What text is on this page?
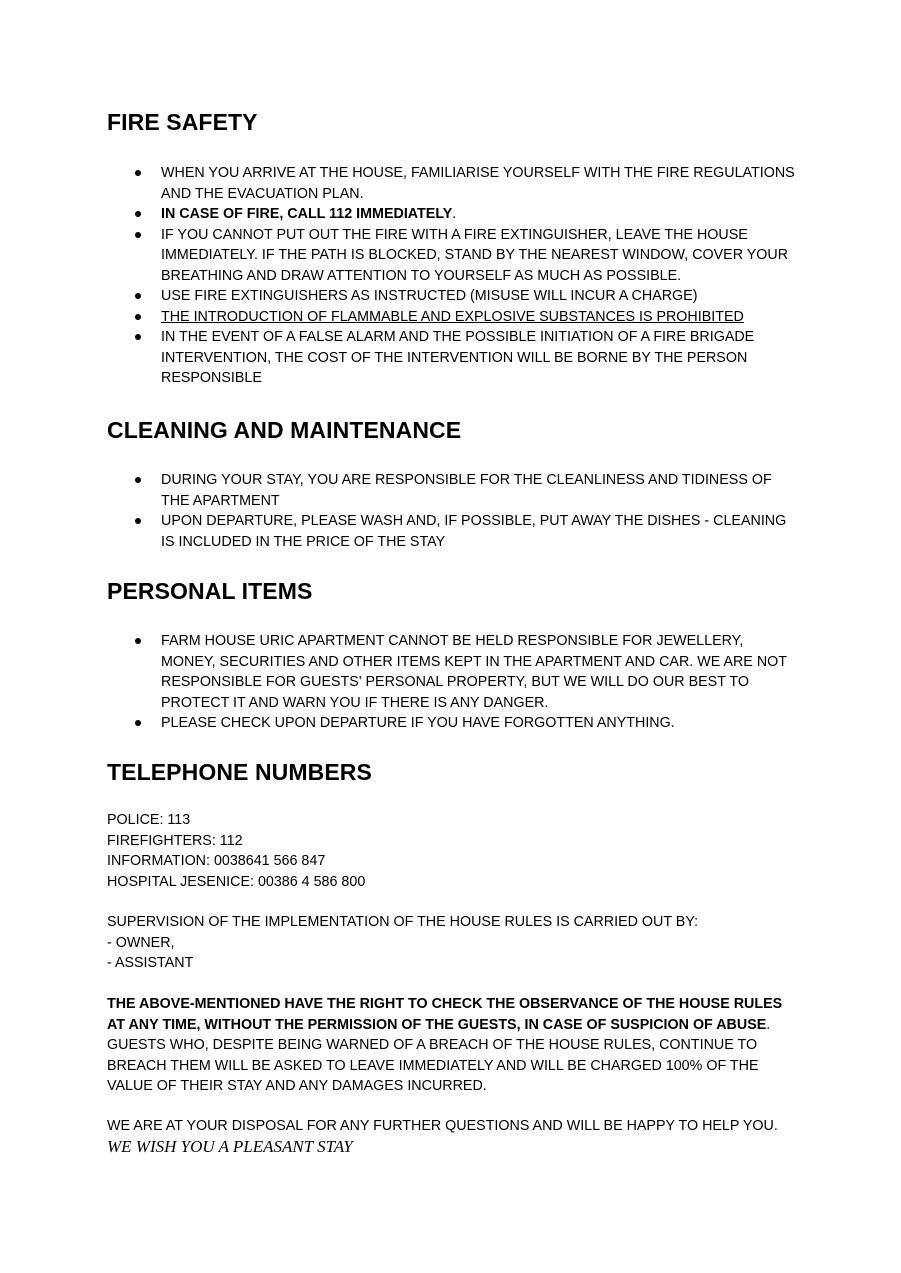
FIRE SAFETY
WHEN YOU ARRIVE AT THE HOUSE, FAMILIARISE YOURSELF WITH THE FIRE REGULATIONS AND THE EVACUATION PLAN.
IN CASE OF FIRE, CALL 112 IMMEDIATELY.
IF YOU CANNOT PUT OUT THE FIRE WITH A FIRE EXTINGUISHER, LEAVE THE HOUSE IMMEDIATELY. IF THE PATH IS BLOCKED, STAND BY THE NEAREST WINDOW, COVER YOUR BREATHING AND DRAW ATTENTION TO YOURSELF AS MUCH AS POSSIBLE.
USE FIRE EXTINGUISHERS AS INSTRUCTED (MISUSE WILL INCUR A CHARGE)
THE INTRODUCTION OF FLAMMABLE AND EXPLOSIVE SUBSTANCES IS PROHIBITED
IN THE EVENT OF A FALSE ALARM AND THE POSSIBLE INITIATION OF A FIRE BRIGADE INTERVENTION, THE COST OF THE INTERVENTION WILL BE BORNE BY THE PERSON RESPONSIBLE
CLEANING AND MAINTENANCE
DURING YOUR STAY, YOU ARE RESPONSIBLE FOR THE CLEANLINESS AND TIDINESS OF THE APARTMENT
UPON DEPARTURE, PLEASE WASH AND, IF POSSIBLE, PUT AWAY THE DISHES - CLEANING IS INCLUDED IN THE PRICE OF THE STAY
PERSONAL ITEMS
FARM HOUSE URIC APARTMENT CANNOT BE HELD RESPONSIBLE FOR JEWELLERY, MONEY, SECURITIES AND OTHER ITEMS KEPT IN THE APARTMENT AND CAR. WE ARE NOT RESPONSIBLE FOR GUESTS' PERSONAL PROPERTY, BUT WE WILL DO OUR BEST TO PROTECT IT AND WARN YOU IF THERE IS ANY DANGER.
PLEASE CHECK UPON DEPARTURE IF YOU HAVE FORGOTTEN ANYTHING.
TELEPHONE NUMBERS
POLICE: 113
FIREFIGHTERS: 112
INFORMATION: 0038641 566 847
HOSPITAL JESENICE: 00386 4 586 800
SUPERVISION OF THE IMPLEMENTATION OF THE HOUSE RULES IS CARRIED OUT BY:
- OWNER,
- ASSISTANT
THE ABOVE-MENTIONED HAVE THE RIGHT TO CHECK THE OBSERVANCE OF THE HOUSE RULES AT ANY TIME, WITHOUT THE PERMISSION OF THE GUESTS, IN CASE OF SUSPICION OF ABUSE. GUESTS WHO, DESPITE BEING WARNED OF A BREACH OF THE HOUSE RULES, CONTINUE TO BREACH THEM WILL BE ASKED TO LEAVE IMMEDIATELY AND WILL BE CHARGED 100% OF THE VALUE OF THEIR STAY AND ANY DAMAGES INCURRED.
WE ARE AT YOUR DISPOSAL FOR ANY FURTHER QUESTIONS AND WILL BE HAPPY TO HELP YOU.
WE WISH YOU A PLEASANT STAY
